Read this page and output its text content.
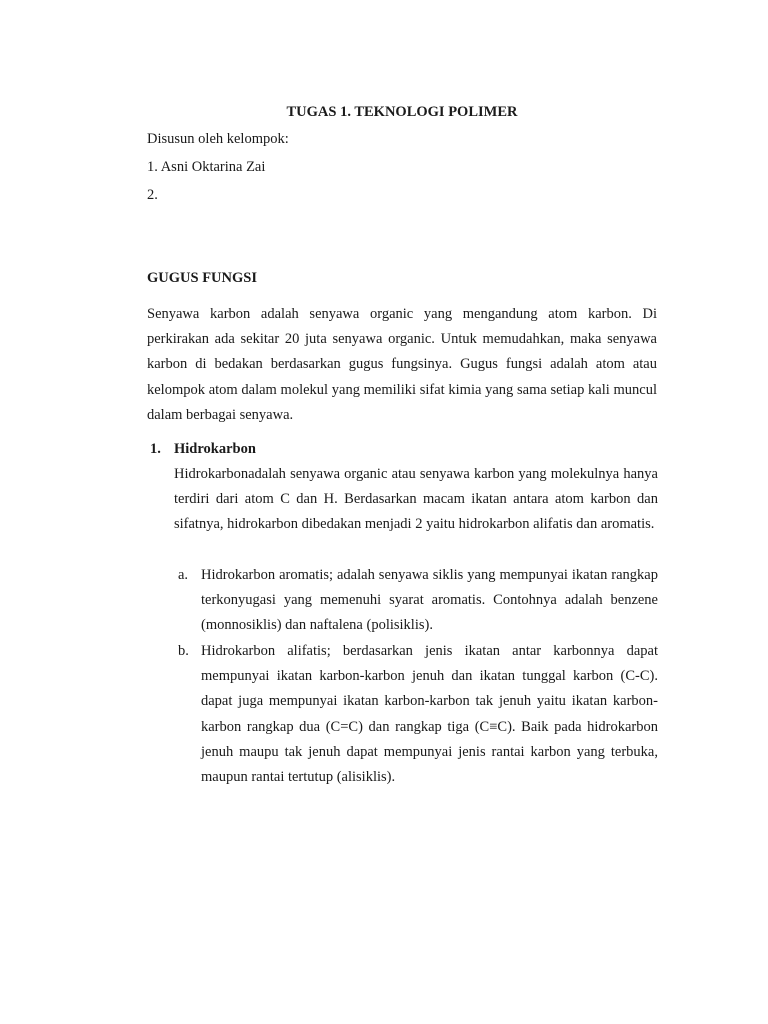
TUGAS 1. TEKNOLOGI POLIMER
Disusun oleh kelompok:
1. Asni Oktarina Zai
2.
GUGUS FUNGSI
Senyawa karbon adalah senyawa organic yang mengandung atom karbon. Di perkirakan ada sekitar 20 juta senyawa organic. Untuk memudahkan, maka senyawa karbon di bedakan berdasarkan gugus fungsinya. Gugus fungsi adalah atom atau kelompok atom dalam molekul yang memiliki sifat kimia yang sama setiap kali muncul dalam berbagai senyawa.
1. Hidrokarbon
Hidrokarbonadalah senyawa organic atau senyawa karbon yang molekulnya hanya terdiri dari atom C dan H. Berdasarkan macam ikatan antara atom karbon dan sifatnya, hidrokarbon dibedakan menjadi 2 yaitu hidrokarbon alifatis dan aromatis.
a. Hidrokarbon aromatis; adalah senyawa siklis yang mempunyai ikatan rangkap terkonyugasi yang memenuhi syarat aromatis. Contohnya adalah benzene (monnosiklis) dan naftalena (polisiklis).
b. Hidrokarbon alifatis; berdasarkan jenis ikatan antar karbonnya dapat mempunyai ikatan karbon-karbon jenuh dan ikatan tunggal karbon (C-C). dapat juga mempunyai ikatan karbon-karbon tak jenuh yaitu ikatan karbon-karbon rangkap dua (C=C) dan rangkap tiga (C≡C). Baik pada hidrokarbon jenuh maupu tak jenuh dapat mempunyai jenis rantai karbon yang terbuka, maupun rantai tertutup (alisiklis).
